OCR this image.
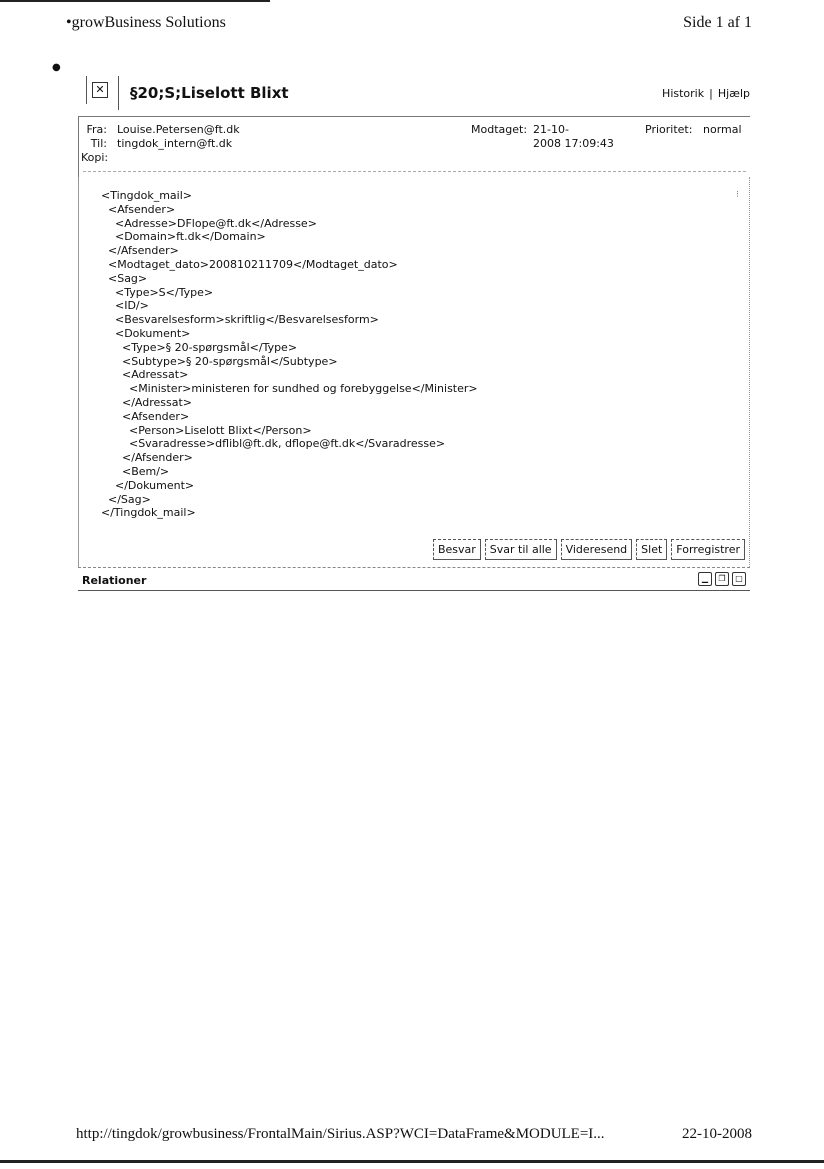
•growBusiness Solutions	Side 1 af 1
●
✕ §20;S;Liselott Blixt	Historik | Hjælp
Fra: Louise.Petersen@ft.dk
Til: tingdok_intern@ft.dk
Kopi:
Modtaget: 21-10-
2008 17:09:43
Prioritet: normal
<Tingdok_mail>
<Afsender>
<Adresse>DFlope@ft.dk</Adresse>
<Domain>ft.dk</Domain>
</Afsender>
<Modtaget_dato>200810211709</Modtaget_dato>
<Sag>
<Type>S</Type>
<ID/>
<Besvarelsesform>skriftlig</Besvarelsesform>
<Dokument>
<Type>§ 20-spørgsmål</Type>
<Subtype>§ 20-spørgsmål</Subtype>
<Adressat>
<Minister>ministeren for sundhed og forebyggelse</Minister>
</Adressat>
<Afsender>
<Person>Liselott Blixt</Person>
<Svaradresse>dflibl@ft.dk, dflope@ft.dk</Svaradresse>
</Afsender>
<Bem/>
</Dokument>
</Sag>
</Tingdok_mail>
⁝
Besvar	Svar til alle	Videresend	Slet	Forregistrer
Relationer	▁	❐	□
http://tingdok/growbusiness/FrontalMain/Sirius.ASP?WCI=DataFrame&MODULE=I...	22-10-2008
